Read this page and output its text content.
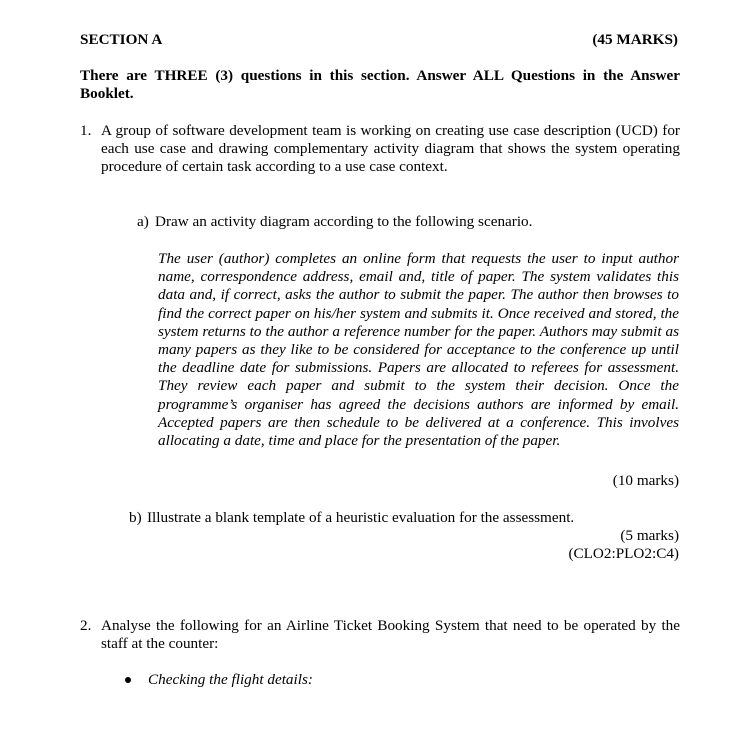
SECTION A	(45 MARKS)
There are THREE (3) questions in this section. Answer ALL Questions in the Answer Booklet.
1. A group of software development team is working on creating use case description (UCD) for each use case and drawing complementary activity diagram that shows the system operating procedure of certain task according to a use case context.
a) Draw an activity diagram according to the following scenario.
The user (author) completes an online form that requests the user to input author name, correspondence address, email and, title of paper. The system validates this data and, if correct, asks the author to submit the paper. The author then browses to find the correct paper on his/her system and submits it. Once received and stored, the system returns to the author a reference number for the paper. Authors may submit as many papers as they like to be considered for acceptance to the conference up until the deadline date for submissions. Papers are allocated to referees for assessment. They review each paper and submit to the system their decision. Once the programme’s organiser has agreed the decisions authors are informed by email. Accepted papers are then schedule to be delivered at a conference. This involves allocating a date, time and place for the presentation of the paper.
(10 marks)
b) Illustrate a blank template of a heuristic evaluation for the assessment.
(5 marks)
(CLO2:PLO2:C4)
2. Analyse the following for an Airline Ticket Booking System that need to be operated by the staff at the counter:
Checking the flight details:
